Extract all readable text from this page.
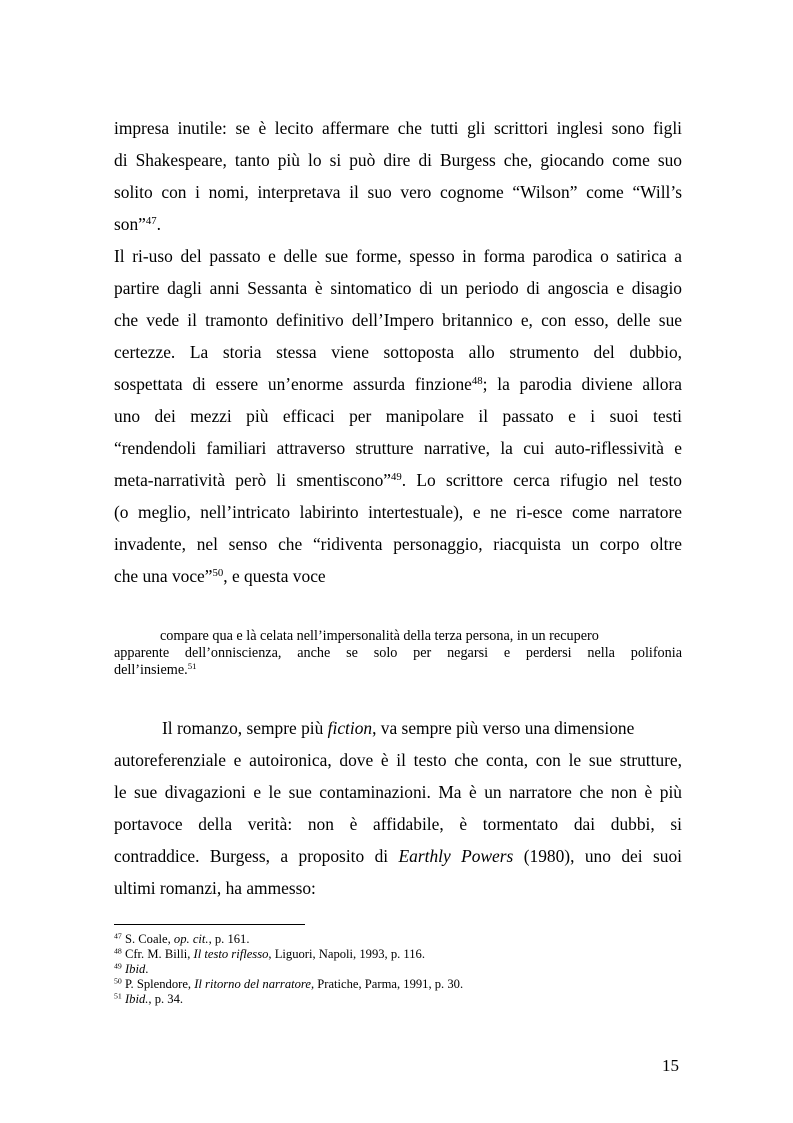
impresa inutile: se è lecito affermare che tutti gli scrittori inglesi sono figli
di Shakespeare, tanto più lo si può dire di Burgess che, giocando come suo
solito con i nomi, interpretava il suo vero cognome “Wilson” come “Will’s
son”$^{47}$.
Il ri-uso del passato e delle sue forme, spesso in forma parodica o satirica a
partire dagli anni Sessanta è sintomatico di un periodo di angoscia e disagio
che vede il tramonto definitivo dell’Impero britannico e, con esso, delle sue
certezze. La storia stessa viene sottoposta allo strumento del dubbio,
sospettata di essere un’enorme assurda finzione$^{48}$; la parodia diviene allora
uno dei mezzi più efficaci per manipolare il passato e i suoi testi
“rendendoli familiari attraverso strutture narrative, la cui auto-riflessività e
meta-narratività però li smentiscono”$^{49}$. Lo scrittore cerca rifugio nel testo
(o meglio, nell’intricato labirinto intertestuale), e ne ri-esce come narratore
invadente, nel senso che “ridiventa personaggio, riacquista un corpo oltre
che una voce”$^{50}$, e questa voce
compare qua e là celata nell’impersonalità della terza persona, in un recupero
apparente dell’onniscienza, anche se solo per negarsi e perdersi nella polifonia
dell’insieme.$^{51}$
Il romanzo, sempre più fiction, va sempre più verso una dimensione
autoreferenziale e autoironica, dove è il testo che conta, con le sue strutture,
le sue divagazioni e le sue contaminazioni. Ma è un narratore che non è più
portavoce della verità: non è affidabile, è tormentato dai dubbi, si
contraddice. Burgess, a proposito di Earthly Powers (1980), uno dei suoi
ultimi romanzi, ha ammesso:
$^{47}$ S. Coale, op. cit., p. 161.
$^{48}$ Cfr. M. Billi, Il testo riflesso, Liguori, Napoli, 1993, p. 116.
$^{49}$ Ibid.
$^{50}$ P. Splendore, Il ritorno del narratore, Pratiche, Parma, 1991, p. 30.
$^{51}$ Ibid., p. 34.
15
